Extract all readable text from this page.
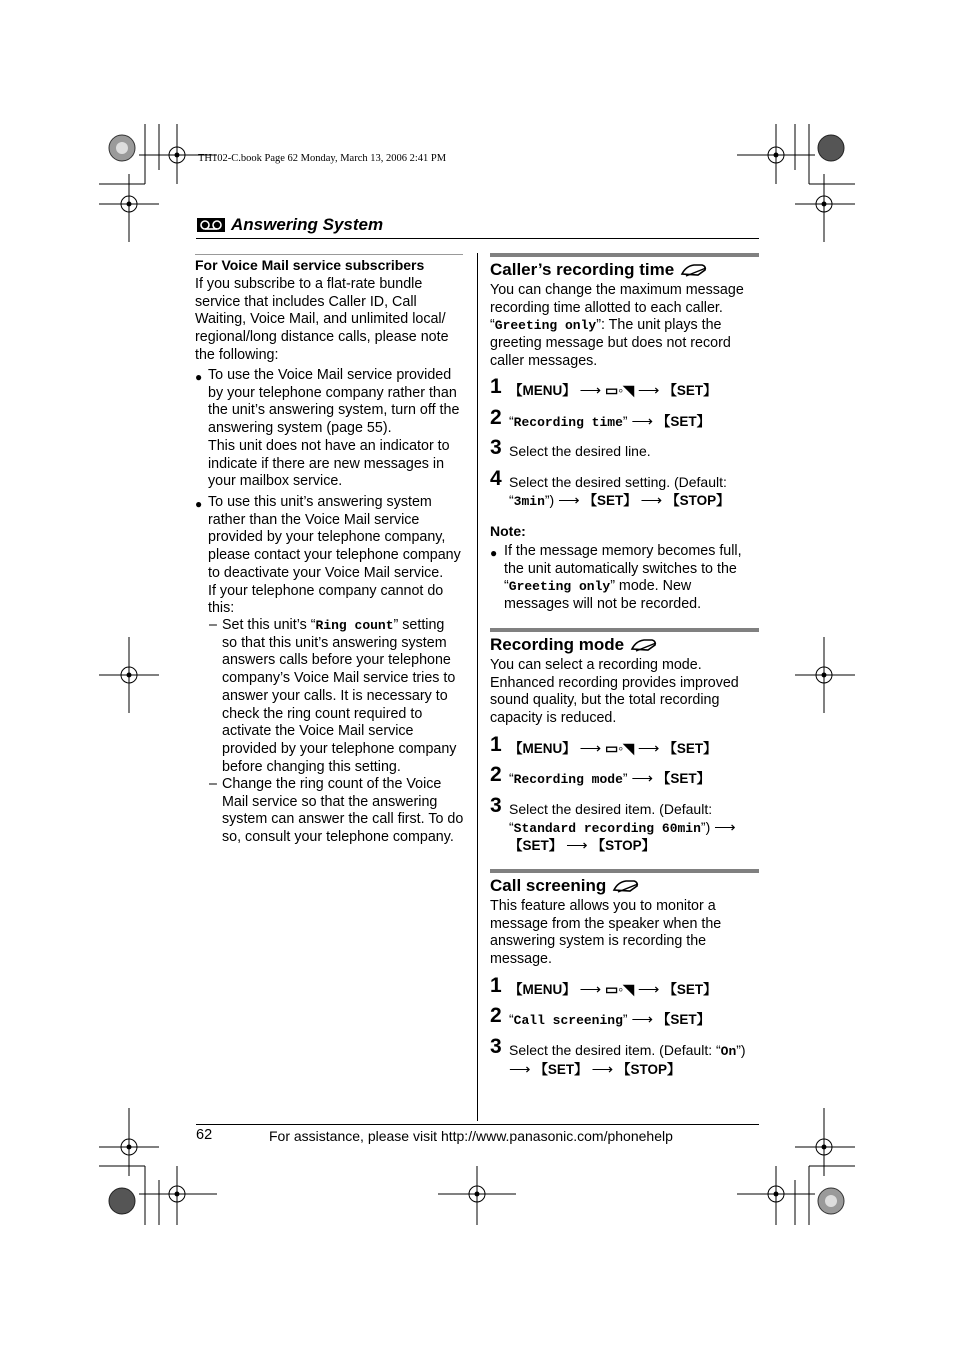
TH102-C.book Page 62 Monday, March 13, 2006 2:41 PM
Answering System
For Voice Mail service subscribers
If you subscribe to a flat-rate bundle
service that includes Caller ID, Call
Waiting, Voice Mail, and unlimited local/
regional/long distance calls, please note
the following:
● To use the Voice Mail service provided
by your telephone company rather than
the unit’s answering system, turn off the
answering system (page 55).
This unit does not have an indicator to
indicate if there are new messages in
your mailbox service.
● To use this unit’s answering system
rather than the Voice Mail service
provided by your telephone company,
please contact your telephone company
to deactivate your Voice Mail service.
If your telephone company cannot do
this:
– Set this unit’s “Ring count” setting
so that this unit’s answering system
answers calls before your telephone
company’s Voice Mail service tries to
answer your calls. It is necessary to
check the ring count required to
activate the Voice Mail service
provided by your telephone company
before changing this setting.
– Change the ring count of the Voice
Mail service so that the answering
system can answer the call first. To do
so, consult your telephone company.
Caller’s recording time
You can change the maximum message
recording time allotted to each caller.
“Greeting only”: The unit plays the
greeting message but does not record
caller messages.
1 【MENU】 ⟶ ▭◦◥ ⟶ 【SET】
2 “Recording time” ⟶ 【SET】
3 Select the desired line.
4 Select the desired setting. (Default:
“3min”) ⟶ 【SET】 ⟶ 【STOP】
Note:
● If the message memory becomes full,
the unit automatically switches to the
“Greeting only” mode. New
messages will not be recorded.
Recording mode
You can select a recording mode.
Enhanced recording provides improved
sound quality, but the total recording
capacity is reduced.
1 【MENU】 ⟶ ▭◦◥ ⟶ 【SET】
2 “Recording mode” ⟶ 【SET】
3 Select the desired item. (Default:
“Standard recording 60min”) ⟶
【SET】 ⟶ 【STOP】
Call screening
This feature allows you to monitor a
message from the speaker when the
answering system is recording the
message.
1 【MENU】 ⟶ ▭◦◥ ⟶ 【SET】
2 “Call screening” ⟶ 【SET】
3 Select the desired item. (Default: “On”)
⟶ 【SET】 ⟶ 【STOP】
62	For assistance, please visit http://www.panasonic.com/phonehelp
